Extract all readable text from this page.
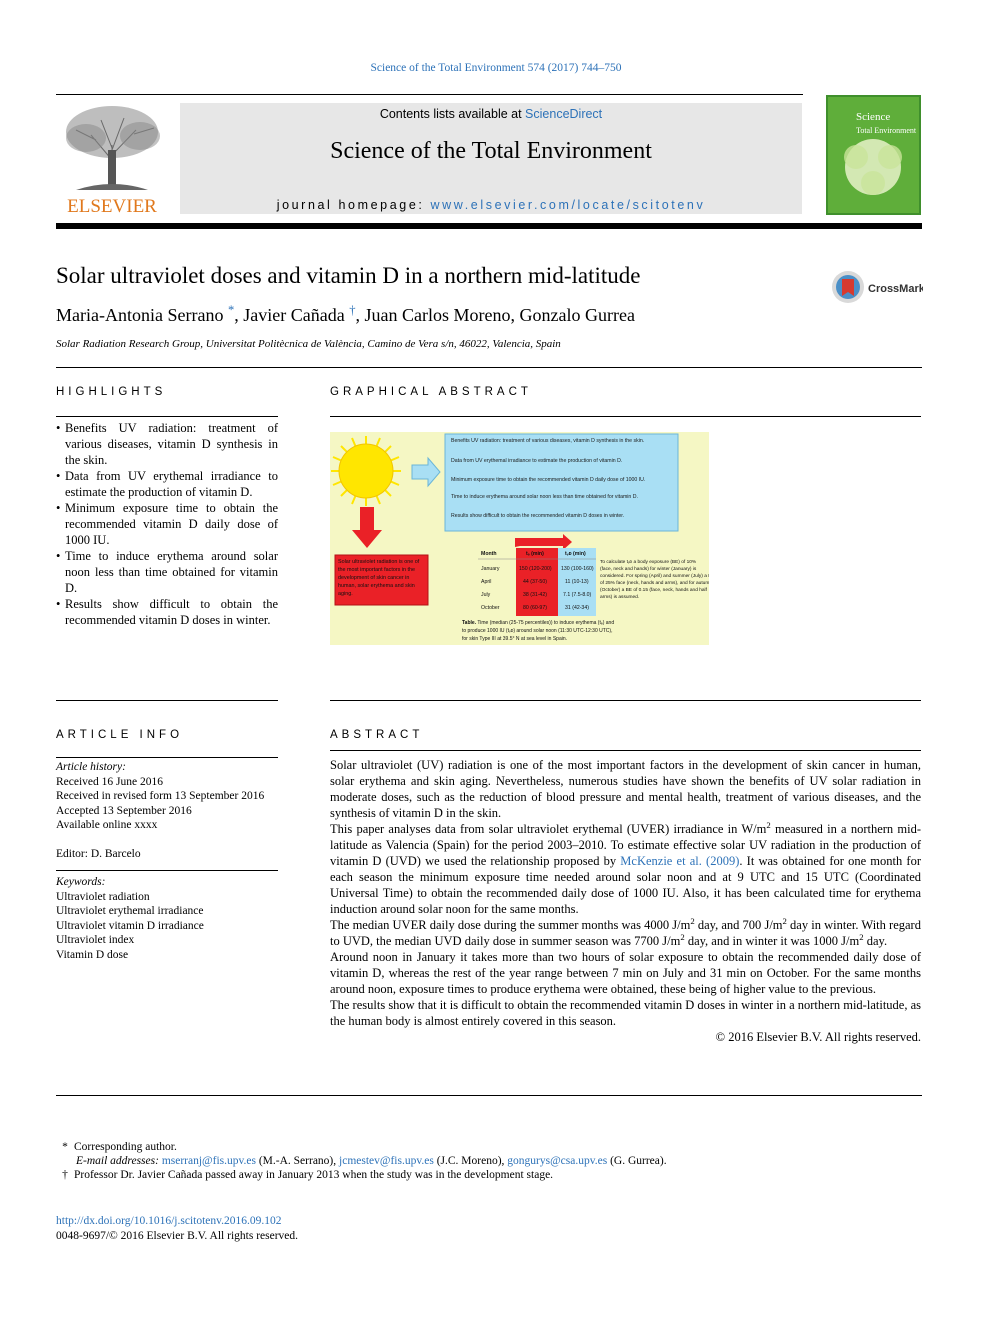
Science of the Total Environment 574 (2017) 744–750
ELSEVIER
Contents lists available at ScienceDirect
Science of the Total Environment
journal homepage: www.elsevier.com/locate/scitotenv
Science
Total Environment
Solar ultraviolet doses and vitamin D in a northern mid-latitude
CrossMark
Maria-Antonia Serrano *, Javier Cañada †, Juan Carlos Moreno, Gonzalo Gurrea
Solar Radiation Research Group, Universitat Politècnica de València, Camino de Vera s/n, 46022, Valencia, Spain
HIGHLIGHTS
• Benefits UV radiation: treatment of various diseases, vitamin D synthesis in the skin.
• Data from UV erythemal irradiance to estimate the production of vitamin D.
• Minimum exposure time to obtain the recommended vitamin D daily dose of 1000 IU.
• Time to induce erythema around solar noon less than time obtained for vitamin D.
• Results show difficult to obtain the recommended vitamin D doses in winter.
GRAPHICAL ABSTRACT
Benefits UV radiation: treatment of various diseases, vitamin D synthesis in the skin.
Data from UV erythemal irradiance to estimate the production of vitamin D.
Minimum exposure time to obtain the recommended vitamin D daily dose of 1000 IU.
Time to induce erythema around solar noon less than time obtained for vitamin D.
Results show difficult to obtain the recommended vitamin D doses in winter.
Solar ultraviolet radiation is one of
the most important factors in the
development of skin cancer in
human, solar erythema and skin
aging.
Month	tₑ (min)	tᵥᴅ (min)
January	150 (120-200) 130 (100-160)
April	44 (37-50)	11 (10-13)
July	38 (31-42)	7.1 (7.5-8.0)
October	80 (60-97)	31 (42-34)
To calculate tᵥᴅ a body exposure (BE) of 10%
(face, neck and hands) for winter (January) is
considered. For spring (April) and summer (July) a BE
of 25% face (neck, hands and arms), and for autumn
(October) a BE of 0.15 (face, neck, hands and half
arms) is assumed.
Table. Time (median (25-75 percentiles)) to induce erythema (tₑ) and
to produce 1000 IU (tᵥᴅ) around solar noon (11:30 UTC-12:30 UTC),
for skin Type III at 39.5° N at sea level in Spain.
ARTICLE INFO
Article history:
Received 16 June 2016
Received in revised form 13 September 2016
Accepted 13 September 2016
Available online xxxx
Editor: D. Barcelo
Keywords:
Ultraviolet radiation
Ultraviolet erythemal irradiance
Ultraviolet vitamin D irradiance
Ultraviolet index
Vitamin D dose
ABSTRACT

Solar ultraviolet (UV) radiation is one of the most important factors in the development of skin cancer in human, solar erythema and skin aging. Nevertheless, numerous studies have shown the benefits of UV solar radiation in moderate doses, such as the reduction of blood pressure and mental health, treatment of various diseases, and the synthesis of vitamin D in the skin.

This paper analyses data from solar ultraviolet erythemal (UVER) irradiance in $W/m^2$ measured in a northern mid-latitude as Valencia (Spain) for the period 2003–2010. To estimate effective solar UV radiation in the production of vitamin D (UVD) we used the relationship proposed by McKenzie et al. (2009). It was obtained for one month for each season the minimum exposure time needed around solar noon and at 9 UTC and 15 UTC (Coordinated Universal Time) to obtain the recommended daily dose of 1000 IU. Also, it has been calculated time for erythema induction around solar noon for the same months.

The median UVER daily dose during the summer months was 4000 $J/m^2$ day, and 700 $J/m^2$ day in winter. With regard to UVD, the median UVD daily dose in summer season was 7700 $J/m^2$ day, and in winter it was 1000 $J/m^2$ day.

Around noon in January it takes more than two hours of solar exposure to obtain the recommended daily dose of vitamin D, whereas the rest of the year range between 7 min on July and 31 min on October. For the same months around noon, exposure times to produce erythema were obtained, these being of higher value to the previous.

The results show that it is difficult to obtain the recommended vitamin D doses in winter in a northern mid-latitude, as the human body is almost entirely covered in this season.

© 2016 Elsevier B.V. All rights reserved.

* Corresponding author.
E-mail addresses: mserranj@fis.upv.es (M.-A. Serrano), jcmestev@fis.upv.es (J.C. Moreno), gongurys@csa.upv.es (G. Gurrea).
† Professor Dr. Javier Cañada passed away in January 2013 when the study was in the development stage.
http://dx.doi.org/10.1016/j.scitotenv.2016.09.102
0048-9697/© 2016 Elsevier B.V. All rights reserved.
